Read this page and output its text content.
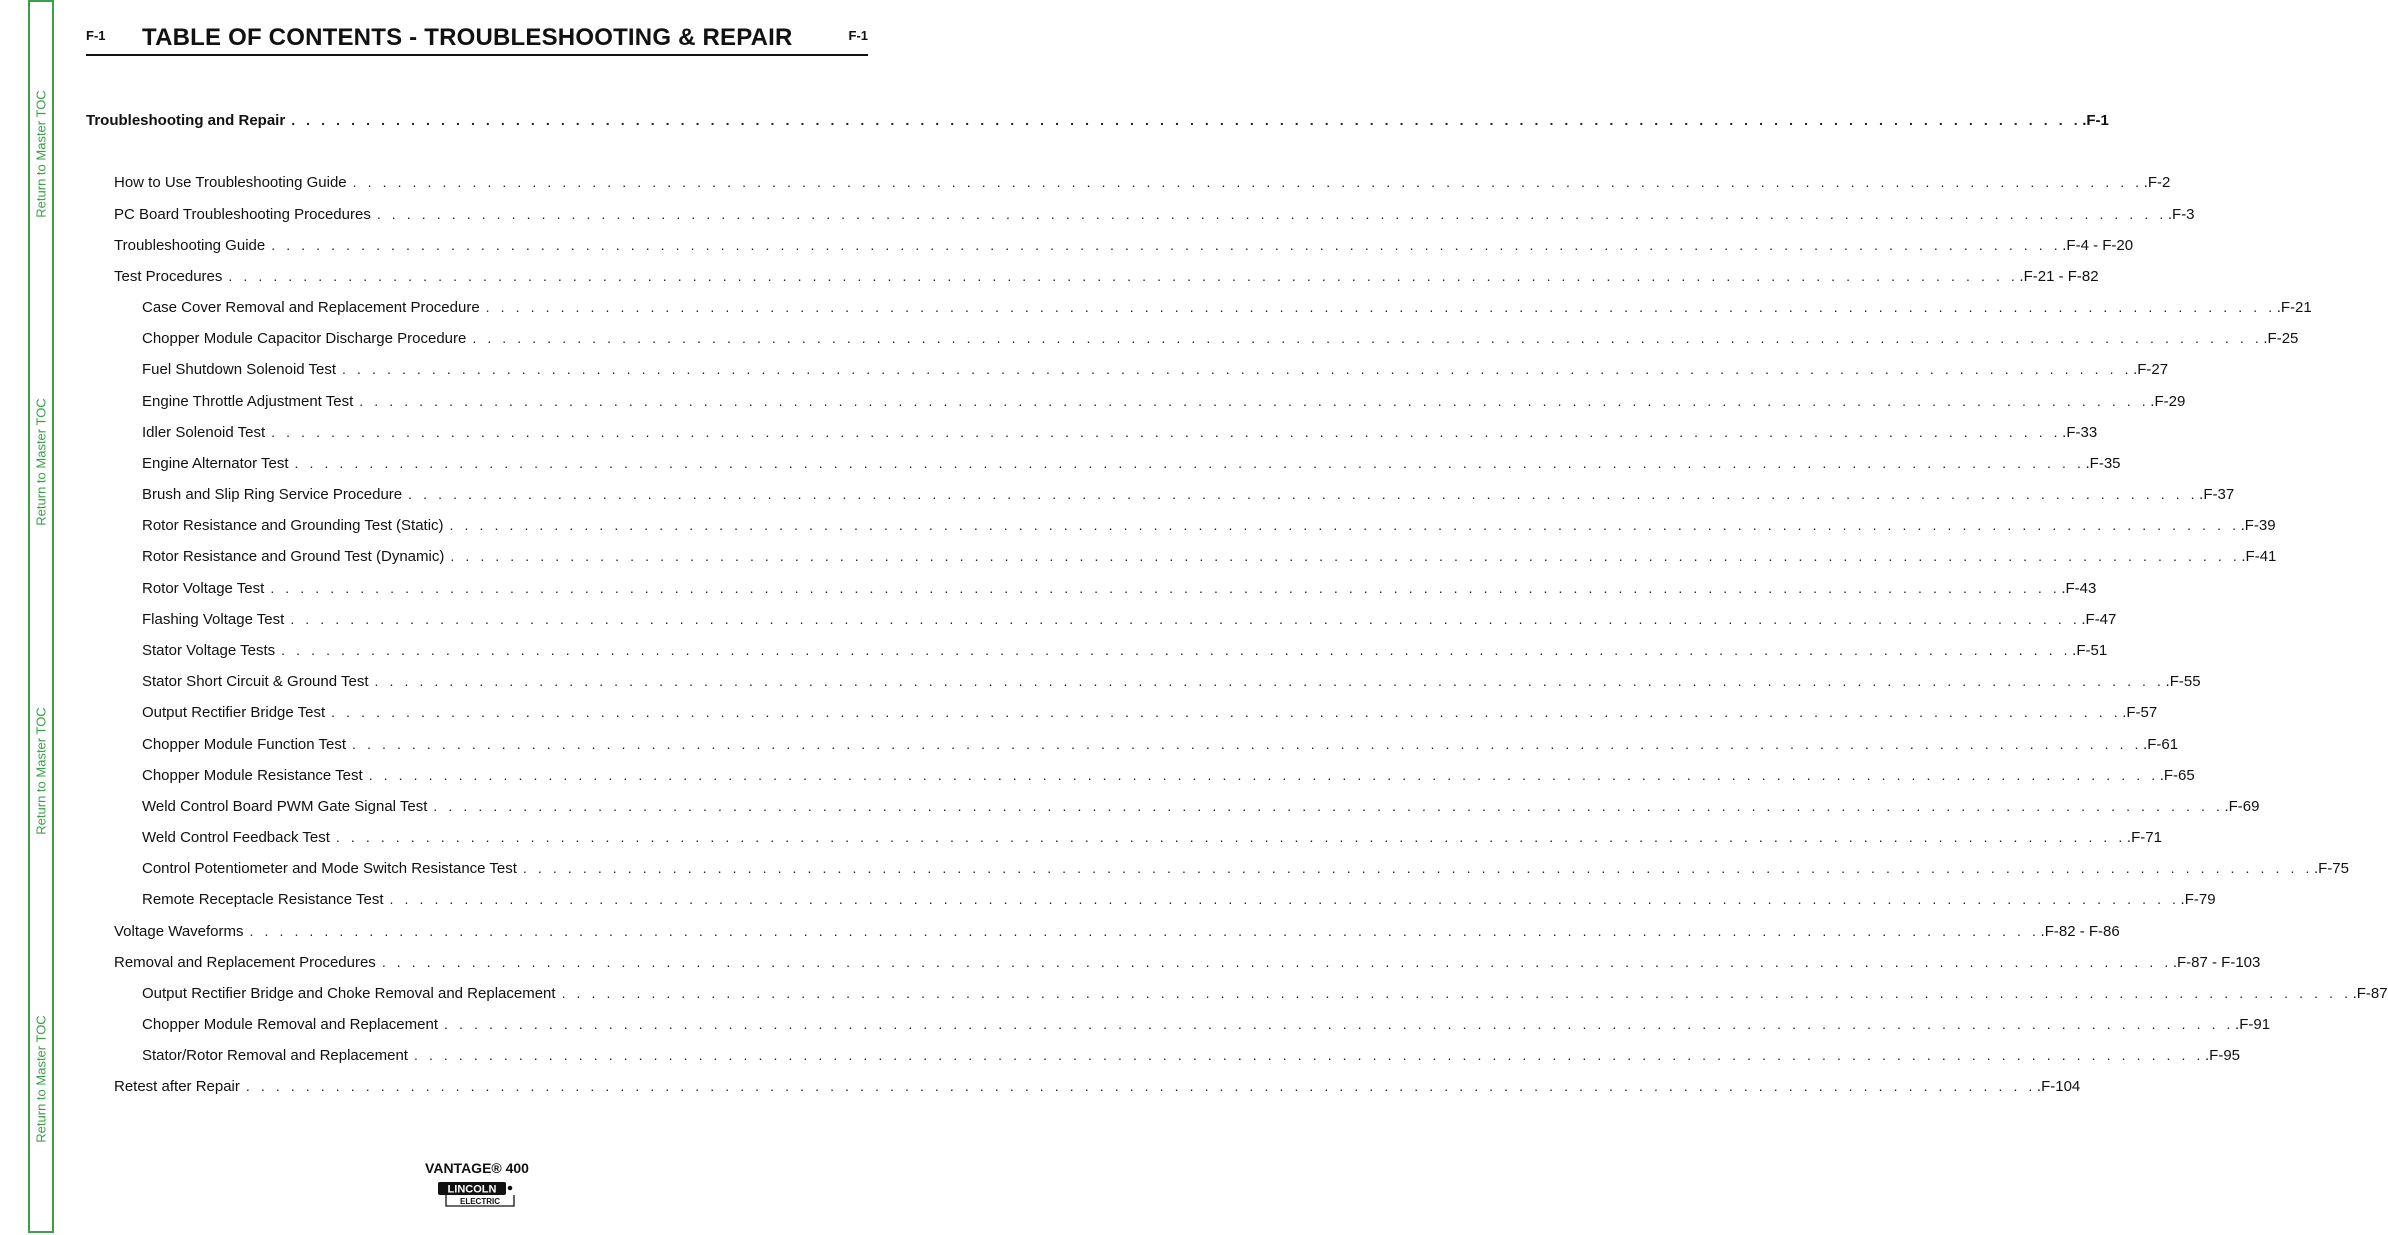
Return to Master TOC
Return to Master TOC
Return to Master TOC
Return to Master TOC
F-1 TABLE OF CONTENTS - TROUBLESHOOTING & REPAIR	F-1
Troubleshooting and Repair . . . . . . . . . . . . . . . . . . . . . . . . . . . . . . . . . . . . . . . . . . . . . . . . . . . . . . . . . . . . . . . . . . . . . . . . . . . . . . . . . . . . . . . . . . . . . . . . . . . . . . . . . . . . . . . . . . . . . . . . .F-1
How to Use Troubleshooting Guide . . . . . . . . . . . . . . . . . . . . . . . . . . . . . . . . . . . . . . . . . . . . . . . . . . . . . . . . . . . . . . . . . . . . . . . . . . . . . . . . . . . . . . . . . . . . . . . . . . . . . . . . . . . . . . . . . . . . . . . . .F-2
PC Board Troubleshooting Procedures . . . . . . . . . . . . . . . . . . . . . . . . . . . . . . . . . . . . . . . . . . . . . . . . . . . . . . . . . . . . . . . . . . . . . . . . . . . . . . . . . . . . . . . . . . . . . . . . . . . . . . . . . . . . . . . . . . . . . . . . .F-3
Troubleshooting Guide . . . . . . . . . . . . . . . . . . . . . . . . . . . . . . . . . . . . . . . . . . . . . . . . . . . . . . . . . . . . . . . . . . . . . . . . . . . . . . . . . . . . . . . . . . . . . . . . . . . . . . . . . . . . . . . . . . . . . . . . .F-4 - F-20
Test Procedures . . . . . . . . . . . . . . . . . . . . . . . . . . . . . . . . . . . . . . . . . . . . . . . . . . . . . . . . . . . . . . . . . . . . . . . . . . . . . . . . . . . . . . . . . . . . . . . . . . . . . . . . . . . . . . . . . . . . . . . . .F-21 - F-82
Case Cover Removal and Replacement Procedure . . . . . . . . . . . . . . . . . . . . . . . . . . . . . . . . . . . . . . . . . . . . . . . . . . . . . . . . . . . . . . . . . . . . . . . . . . . . . . . . . . . . . . . . . . . . . . . . . . . . . . . . . . . . . . . . . . . . . . . . .F-21
Chopper Module Capacitor Discharge Procedure . . . . . . . . . . . . . . . . . . . . . . . . . . . . . . . . . . . . . . . . . . . . . . . . . . . . . . . . . . . . . . . . . . . . . . . . . . . . . . . . . . . . . . . . . . . . . . . . . . . . . . . . . . . . . . . . . . . . . . . . .F-25
Fuel Shutdown Solenoid Test . . . . . . . . . . . . . . . . . . . . . . . . . . . . . . . . . . . . . . . . . . . . . . . . . . . . . . . . . . . . . . . . . . . . . . . . . . . . . . . . . . . . . . . . . . . . . . . . . . . . . . . . . . . . . . . . . . . . . . . . .F-27
Engine Throttle Adjustment Test . . . . . . . . . . . . . . . . . . . . . . . . . . . . . . . . . . . . . . . . . . . . . . . . . . . . . . . . . . . . . . . . . . . . . . . . . . . . . . . . . . . . . . . . . . . . . . . . . . . . . . . . . . . . . . . . . . . . . . . . .F-29
Idler Solenoid Test . . . . . . . . . . . . . . . . . . . . . . . . . . . . . . . . . . . . . . . . . . . . . . . . . . . . . . . . . . . . . . . . . . . . . . . . . . . . . . . . . . . . . . . . . . . . . . . . . . . . . . . . . . . . . . . . . . . . . . . . .F-33
Engine Alternator Test . . . . . . . . . . . . . . . . . . . . . . . . . . . . . . . . . . . . . . . . . . . . . . . . . . . . . . . . . . . . . . . . . . . . . . . . . . . . . . . . . . . . . . . . . . . . . . . . . . . . . . . . . . . . . . . . . . . . . . . . .F-35
Brush and Slip Ring Service Procedure . . . . . . . . . . . . . . . . . . . . . . . . . . . . . . . . . . . . . . . . . . . . . . . . . . . . . . . . . . . . . . . . . . . . . . . . . . . . . . . . . . . . . . . . . . . . . . . . . . . . . . . . . . . . . . . . . . . . . . . . .F-37
Rotor Resistance and Grounding Test (Static) . . . . . . . . . . . . . . . . . . . . . . . . . . . . . . . . . . . . . . . . . . . . . . . . . . . . . . . . . . . . . . . . . . . . . . . . . . . . . . . . . . . . . . . . . . . . . . . . . . . . . . . . . . . . . . . . . . . . . . . . .F-39
Rotor Resistance and Ground Test (Dynamic) . . . . . . . . . . . . . . . . . . . . . . . . . . . . . . . . . . . . . . . . . . . . . . . . . . . . . . . . . . . . . . . . . . . . . . . . . . . . . . . . . . . . . . . . . . . . . . . . . . . . . . . . . . . . . . . . . . . . . . . . .F-41
Rotor Voltage Test . . . . . . . . . . . . . . . . . . . . . . . . . . . . . . . . . . . . . . . . . . . . . . . . . . . . . . . . . . . . . . . . . . . . . . . . . . . . . . . . . . . . . . . . . . . . . . . . . . . . . . . . . . . . . . . . . . . . . . . . .F-43
Flashing Voltage Test . . . . . . . . . . . . . . . . . . . . . . . . . . . . . . . . . . . . . . . . . . . . . . . . . . . . . . . . . . . . . . . . . . . . . . . . . . . . . . . . . . . . . . . . . . . . . . . . . . . . . . . . . . . . . . . . . . . . . . . . .F-47
Stator Voltage Tests . . . . . . . . . . . . . . . . . . . . . . . . . . . . . . . . . . . . . . . . . . . . . . . . . . . . . . . . . . . . . . . . . . . . . . . . . . . . . . . . . . . . . . . . . . . . . . . . . . . . . . . . . . . . . . . . . . . . . . . . .F-51
Stator Short Circuit & Ground Test . . . . . . . . . . . . . . . . . . . . . . . . . . . . . . . . . . . . . . . . . . . . . . . . . . . . . . . . . . . . . . . . . . . . . . . . . . . . . . . . . . . . . . . . . . . . . . . . . . . . . . . . . . . . . . . . . . . . . . . . .F-55
Output Rectifier Bridge Test . . . . . . . . . . . . . . . . . . . . . . . . . . . . . . . . . . . . . . . . . . . . . . . . . . . . . . . . . . . . . . . . . . . . . . . . . . . . . . . . . . . . . . . . . . . . . . . . . . . . . . . . . . . . . . . . . . . . . . . . .F-57
Chopper Module Function Test . . . . . . . . . . . . . . . . . . . . . . . . . . . . . . . . . . . . . . . . . . . . . . . . . . . . . . . . . . . . . . . . . . . . . . . . . . . . . . . . . . . . . . . . . . . . . . . . . . . . . . . . . . . . . . . . . . . . . . . . .F-61
Chopper Module Resistance Test . . . . . . . . . . . . . . . . . . . . . . . . . . . . . . . . . . . . . . . . . . . . . . . . . . . . . . . . . . . . . . . . . . . . . . . . . . . . . . . . . . . . . . . . . . . . . . . . . . . . . . . . . . . . . . . . . . . . . . . . .F-65
Weld Control Board PWM Gate Signal Test . . . . . . . . . . . . . . . . . . . . . . . . . . . . . . . . . . . . . . . . . . . . . . . . . . . . . . . . . . . . . . . . . . . . . . . . . . . . . . . . . . . . . . . . . . . . . . . . . . . . . . . . . . . . . . . . . . . . . . . . .F-69
Weld Control Feedback Test . . . . . . . . . . . . . . . . . . . . . . . . . . . . . . . . . . . . . . . . . . . . . . . . . . . . . . . . . . . . . . . . . . . . . . . . . . . . . . . . . . . . . . . . . . . . . . . . . . . . . . . . . . . . . . . . . . . . . . . . .F-71
Control Potentiometer and Mode Switch Resistance Test . . . . . . . . . . . . . . . . . . . . . . . . . . . . . . . . . . . . . . . . . . . . . . . . . . . . . . . . . . . . . . . . . . . . . . . . . . . . . . . . . . . . . . . . . . . . . . . . . . . . . . . . . . . . . . . . . . . . . . . . .F-75
Remote Receptacle Resistance Test . . . . . . . . . . . . . . . . . . . . . . . . . . . . . . . . . . . . . . . . . . . . . . . . . . . . . . . . . . . . . . . . . . . . . . . . . . . . . . . . . . . . . . . . . . . . . . . . . . . . . . . . . . . . . . . . . . . . . . . . .F-79
Voltage Waveforms . . . . . . . . . . . . . . . . . . . . . . . . . . . . . . . . . . . . . . . . . . . . . . . . . . . . . . . . . . . . . . . . . . . . . . . . . . . . . . . . . . . . . . . . . . . . . . . . . . . . . . . . . . . . . . . . . . . . . . . . .F-82 - F-86
Removal and Replacement Procedures . . . . . . . . . . . . . . . . . . . . . . . . . . . . . . . . . . . . . . . . . . . . . . . . . . . . . . . . . . . . . . . . . . . . . . . . . . . . . . . . . . . . . . . . . . . . . . . . . . . . . . . . . . . . . . . . . . . . . . . . .F-87 - F-103
Output Rectifier Bridge and Choke Removal and Replacement . . . . . . . . . . . . . . . . . . . . . . . . . . . . . . . . . . . . . . . . . . . . . . . . . . . . . . . . . . . . . . . . . . . . . . . . . . . . . . . . . . . . . . . . . . . . . . . . . . . . . . . . . . . . . . . . . . . . . . . . .F-87
Chopper Module Removal and Replacement . . . . . . . . . . . . . . . . . . . . . . . . . . . . . . . . . . . . . . . . . . . . . . . . . . . . . . . . . . . . . . . . . . . . . . . . . . . . . . . . . . . . . . . . . . . . . . . . . . . . . . . . . . . . . . . . . . . . . . . . .F-91
Stator/Rotor Removal and Replacement . . . . . . . . . . . . . . . . . . . . . . . . . . . . . . . . . . . . . . . . . . . . . . . . . . . . . . . . . . . . . . . . . . . . . . . . . . . . . . . . . . . . . . . . . . . . . . . . . . . . . . . . . . . . . . . . . . . . . . . . .F-95
Retest after Repair . . . . . . . . . . . . . . . . . . . . . . . . . . . . . . . . . . . . . . . . . . . . . . . . . . . . . . . . . . . . . . . . . . . . . . . . . . . . . . . . . . . . . . . . . . . . . . . . . . . . . . . . . . . . . . . . . . . . . . . . .F-104
VANTAGE® 400
LINCOLN
ELECTRIC
